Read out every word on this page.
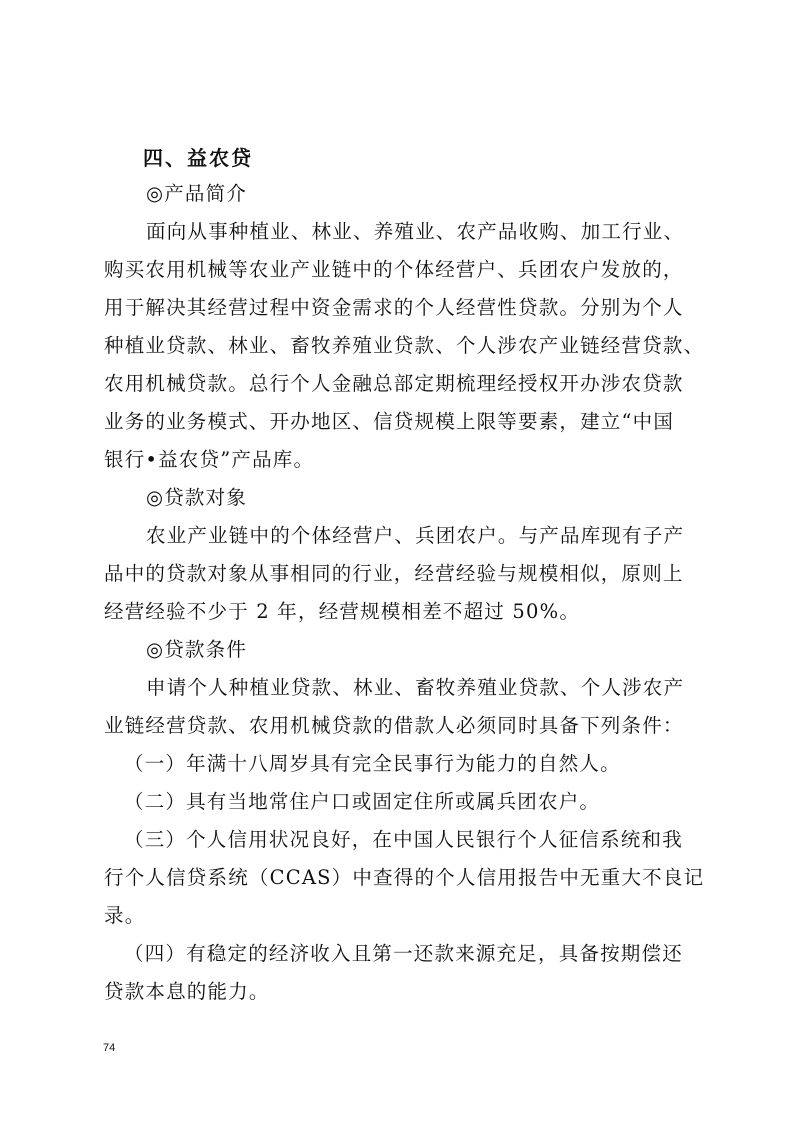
四、益农贷
◎产品简介
面向从事种植业、林业、养殖业、农产品收购、加工行业、
购买农用机械等农业产业链中的个体经营户、兵团农户发放的，
用于解决其经营过程中资金需求的个人经营性贷款。分别为个人
种植业贷款、林业、畜牧养殖业贷款、个人涉农产业链经营贷款、
农用机械贷款。总行个人金融总部定期梳理经授权开办涉农贷款
业务的业务模式、开办地区、信贷规模上限等要素，建立“中国
银行•益农贷”产品库。
◎贷款对象
农业产业链中的个体经营户、兵团农户。与产品库现有子产
品中的贷款对象从事相同的行业，经营经验与规模相似，原则上
经营经验不少于 2 年，经营规模相差不超过 50%。
◎贷款条件
申请个人种植业贷款、林业、畜牧养殖业贷款、个人涉农产
业链经营贷款、农用机械贷款的借款人必须同时具备下列条件：
（一）年满十八周岁具有完全民事行为能力的自然人。
（二）具有当地常住户口或固定住所或属兵团农户。
（三）个人信用状况良好，在中国人民银行个人征信系统和我
行个人信贷系统（CCAS）中查得的个人信用报告中无重大不良记
录。
（四）有稳定的经济收入且第一还款来源充足，具备按期偿还
贷款本息的能力。
74
